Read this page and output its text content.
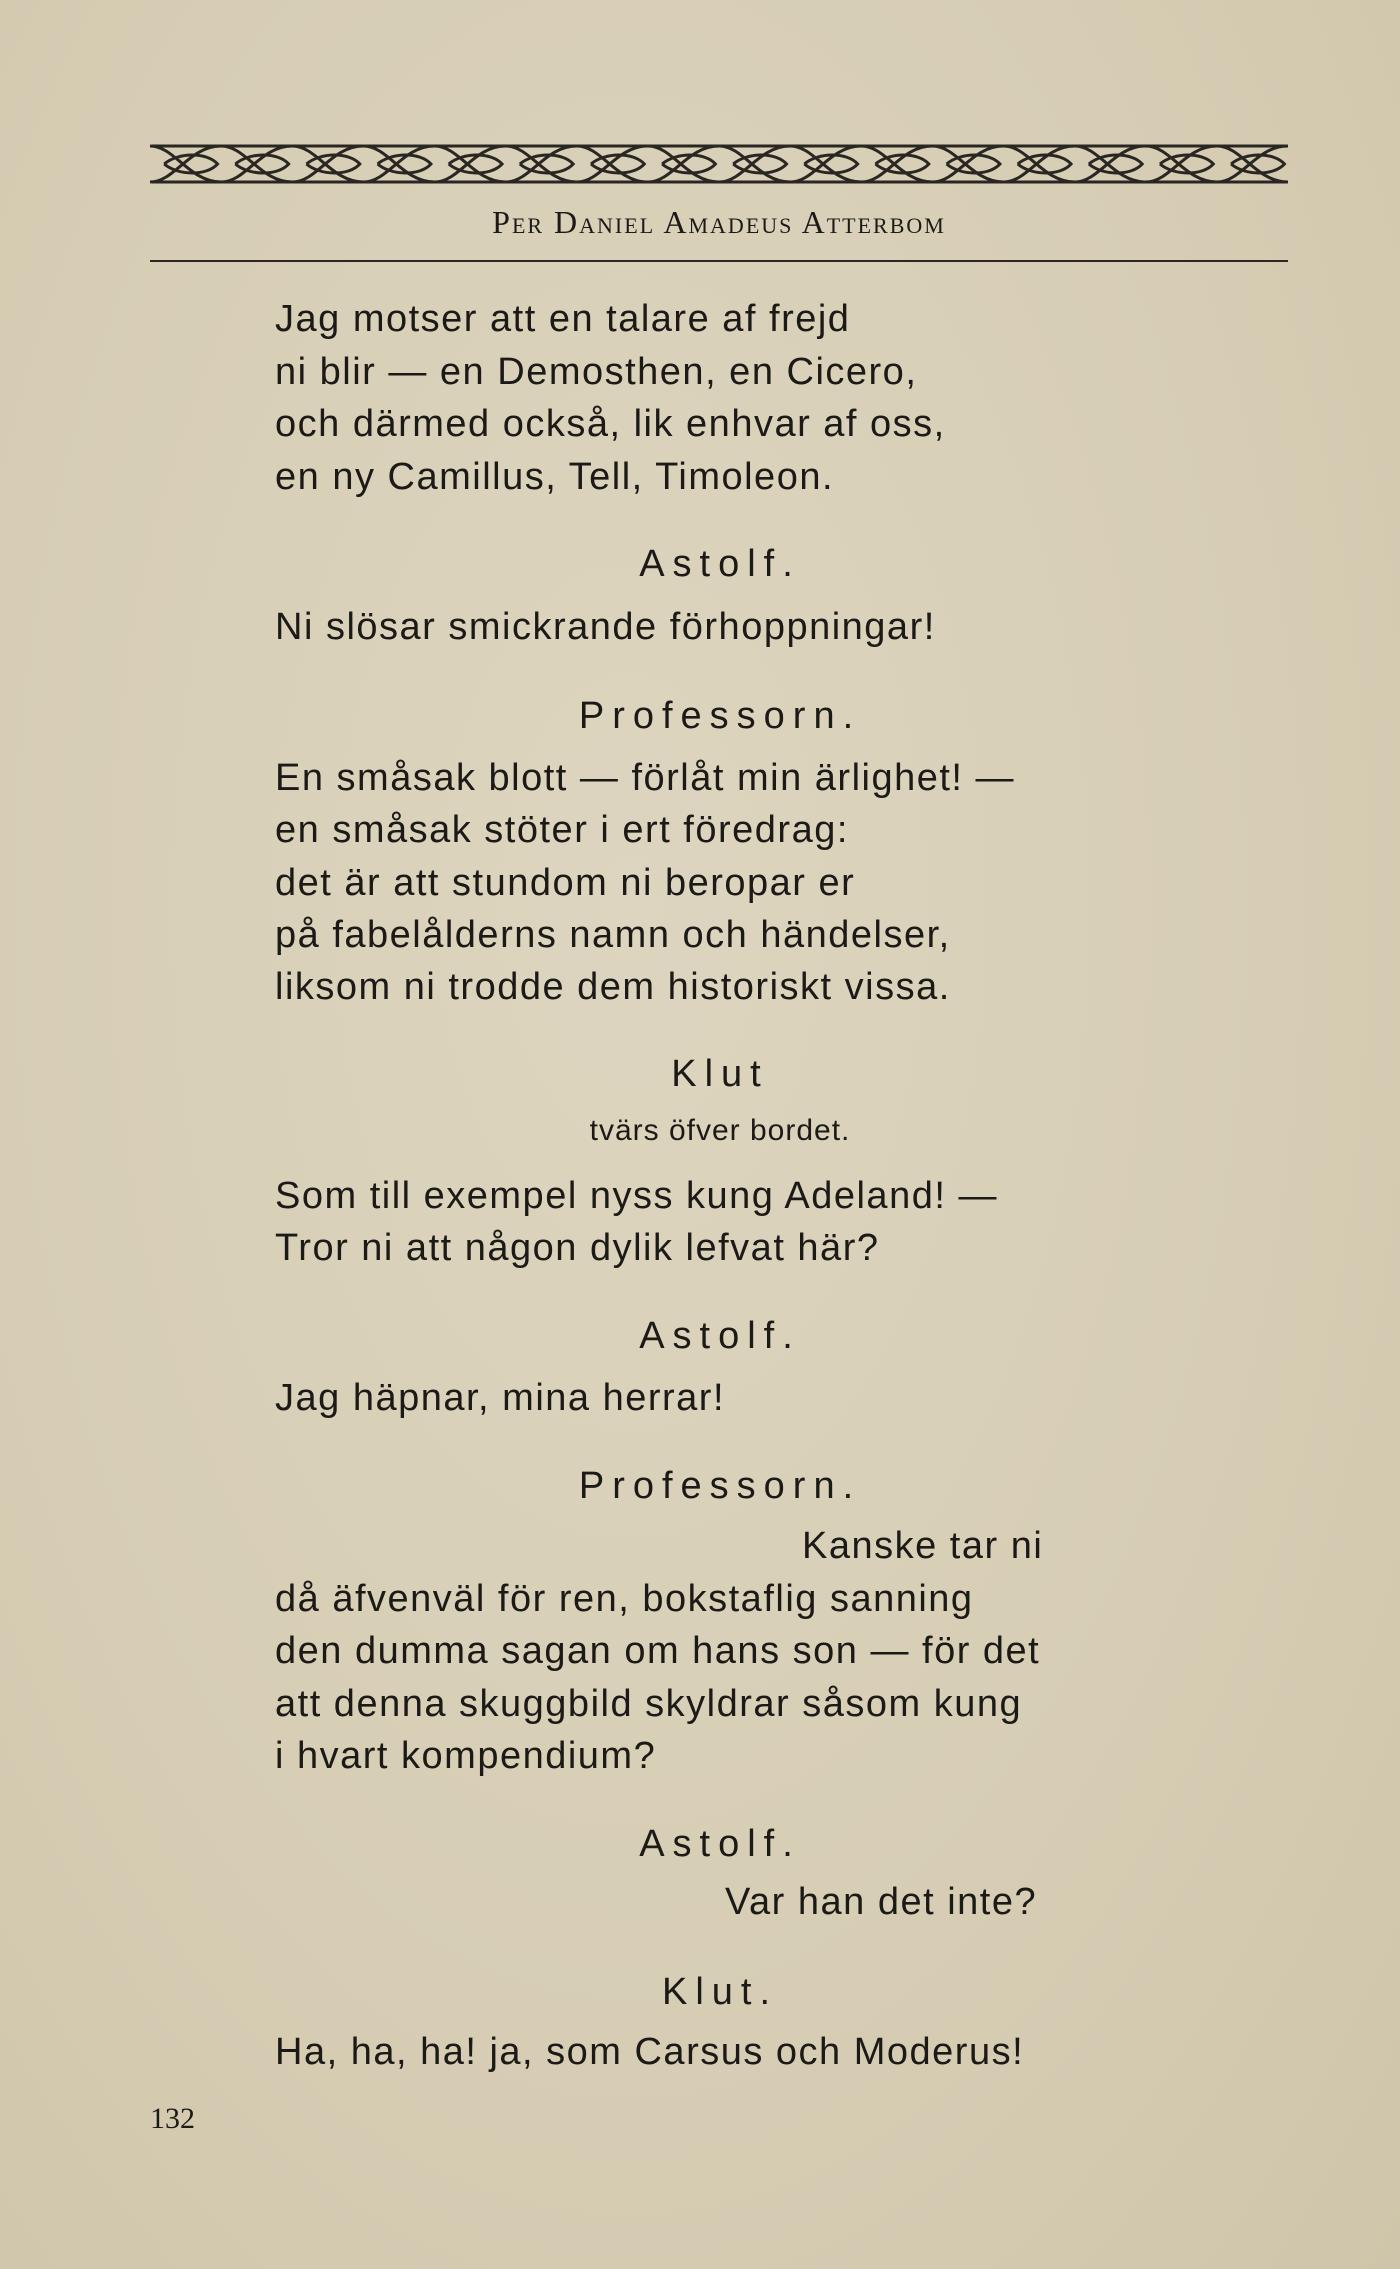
Per Daniel Amadeus Atterbom
Jag motser att en talare af frejd
ni blir — en Demosthen, en Cicero,
och därmed också, lik enhvar af oss,
en ny Camillus, Tell, Timoleon.
Astolf.
Ni slösar smickrande förhoppningar!
Professorn.
En småsak blott — förlåt min ärlighet! —
en småsak stöter i ert föredrag:
det är att stundom ni beropar er
på fabelålderns namn och händelser,
liksom ni trodde dem historiskt vissa.
Klut
tvärs öfver bordet.
Som till exempel nyss kung Adeland! —
Tror ni att någon dylik lefvat här?
Astolf.
Jag häpnar, mina herrar!
Professorn.
Kanske tar ni
då äfvenväl för ren, bokstaflig sanning
den dumma sagan om hans son — för det
att denna skuggbild skyldrar såsom kung
i hvart kompendium?
Astolf.
Var han det inte?
Klut.
Ha, ha, ha! ja, som Carsus och Moderus!
132
